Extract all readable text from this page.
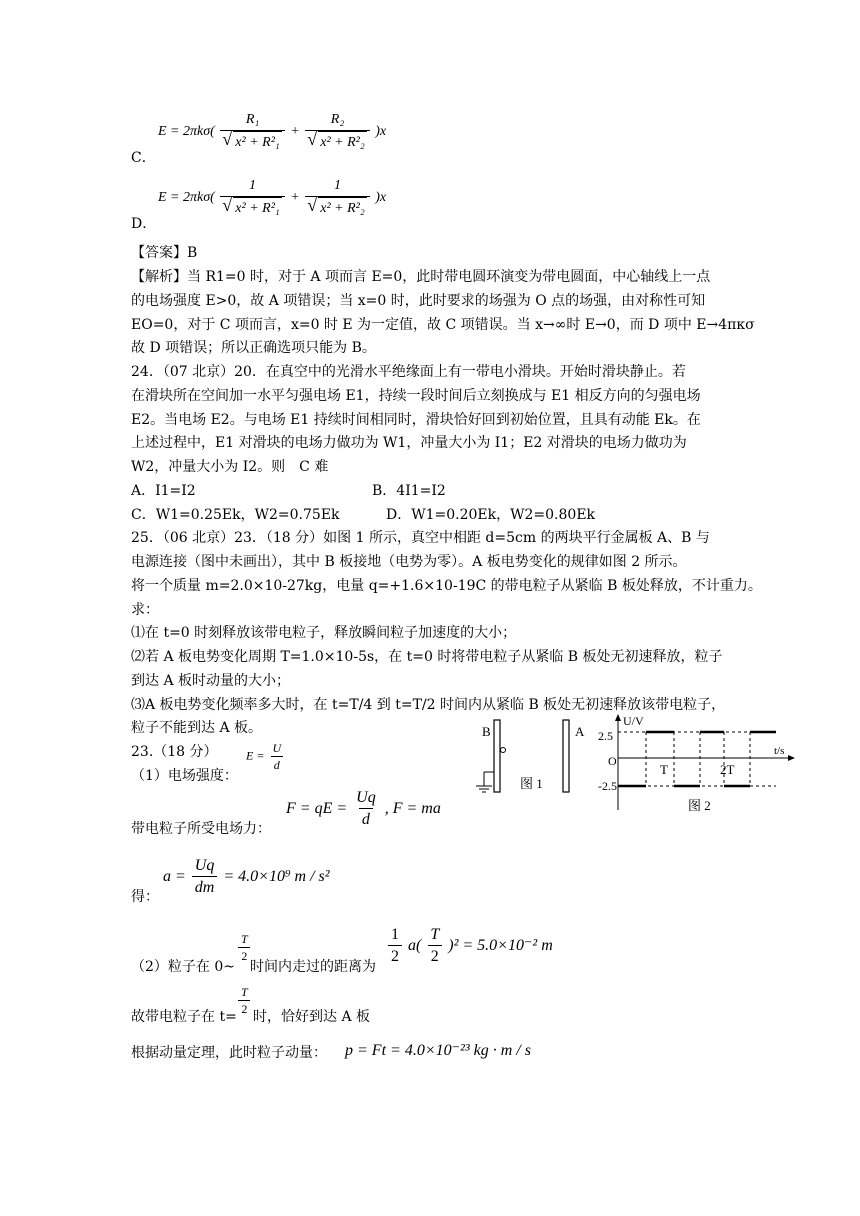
E = 2πkσ( R₁
√ x² + R²₁ + R₂
√ x² + R²₂ )x
C．
E = 2πkσ( 1
√ x² + R²₁ + 1
√ x² + R²₂ )x
D．
【答案】B
【解析】当 R1=0 时，对于 A 项而言 E=0，此时带电圆环演变为带电圆面，中心轴线上一点
的电场强度 E>0，故 A 项错误；当 x=0 时，此时要求的场强为 O 点的场强，由对称性可知
EO=0，对于 C 项而言，x=0 时 E 为一定值，故 C 项错误。当 x→∞时 E→0，而 D 项中 E→4πκσ
故 D 项错误；所以正确选项只能为 B。
24．（07 北京）20．在真空中的光滑水平绝缘面上有一带电小滑块。开始时滑块静止。若
在滑块所在空间加一水平匀强电场 E1，持续一段时间后立刻换成与 E1 相反方向的匀强电场
E2。当电场 E2。与电场 E1 持续时间相同时，滑块恰好回到初始位置，且具有动能 Ek。在
上述过程中，E1 对滑块的电场力做功为 W1，冲量大小为 I1；E2 对滑块的电场力做功为
W2，冲量大小为 I2。则　C 难
A．I1=I2	B．4I1=I2
C．W1=0.25Ek，W2=0.75Ek	D．W1=0.20Ek，W2=0.80Ek
25．（06 北京）23．（18 分）如图 1 所示，真空中相距 d=5cm 的两块平行金属板 A、B 与
电源连接（图中未画出），其中 B 板接地（电势为零）。A 板电势变化的规律如图 2 所示。
将一个质量 m=2.0×10-27kg，电量 q=+1.6×10-19C 的带电粒子从紧临 B 板处释放，不计重力。
求：
⑴在 t=0 时刻释放该带电粒子，释放瞬间粒子加速度的大小；
⑵若 A 板电势变化周期 T=1.0×10-5s，在 t=0 时将带电粒子从紧临 B 板处无初速释放，粒子
到达 A 板时动量的大小；
⑶A 板电势变化频率多大时，在 t=T/4 到 t=T/2 时间内从紧临 B 板处无初速释放该带电粒子，
粒子不能到达 A 板。
23.（18 分）
（1）电场强度：
$E = \frac{U}{d}$
F = qE = $\frac{Uq}{d}$ , F = ma
带电粒子所受电场力：
$a = \frac{Uq}{dm} = 4.0\times 10^9$ m / s²
得：
（2）粒子在 0~
$\frac{T}{2}$
时间内走过的距离为 $\frac{1}{2} a( \frac{T}{2} )^2 = 5.0\times 10^{-2}$ m
故带电粒子在 $t= \frac{T}{2}$ 时，恰好到达 A 板
根据动量定理，此时粒子动量： p = Ft = 4.0×10⁻²³ kg · m / s
B	A
图 1
U/V
t/s
2.5
O
-2.5
T	2T
图 2
